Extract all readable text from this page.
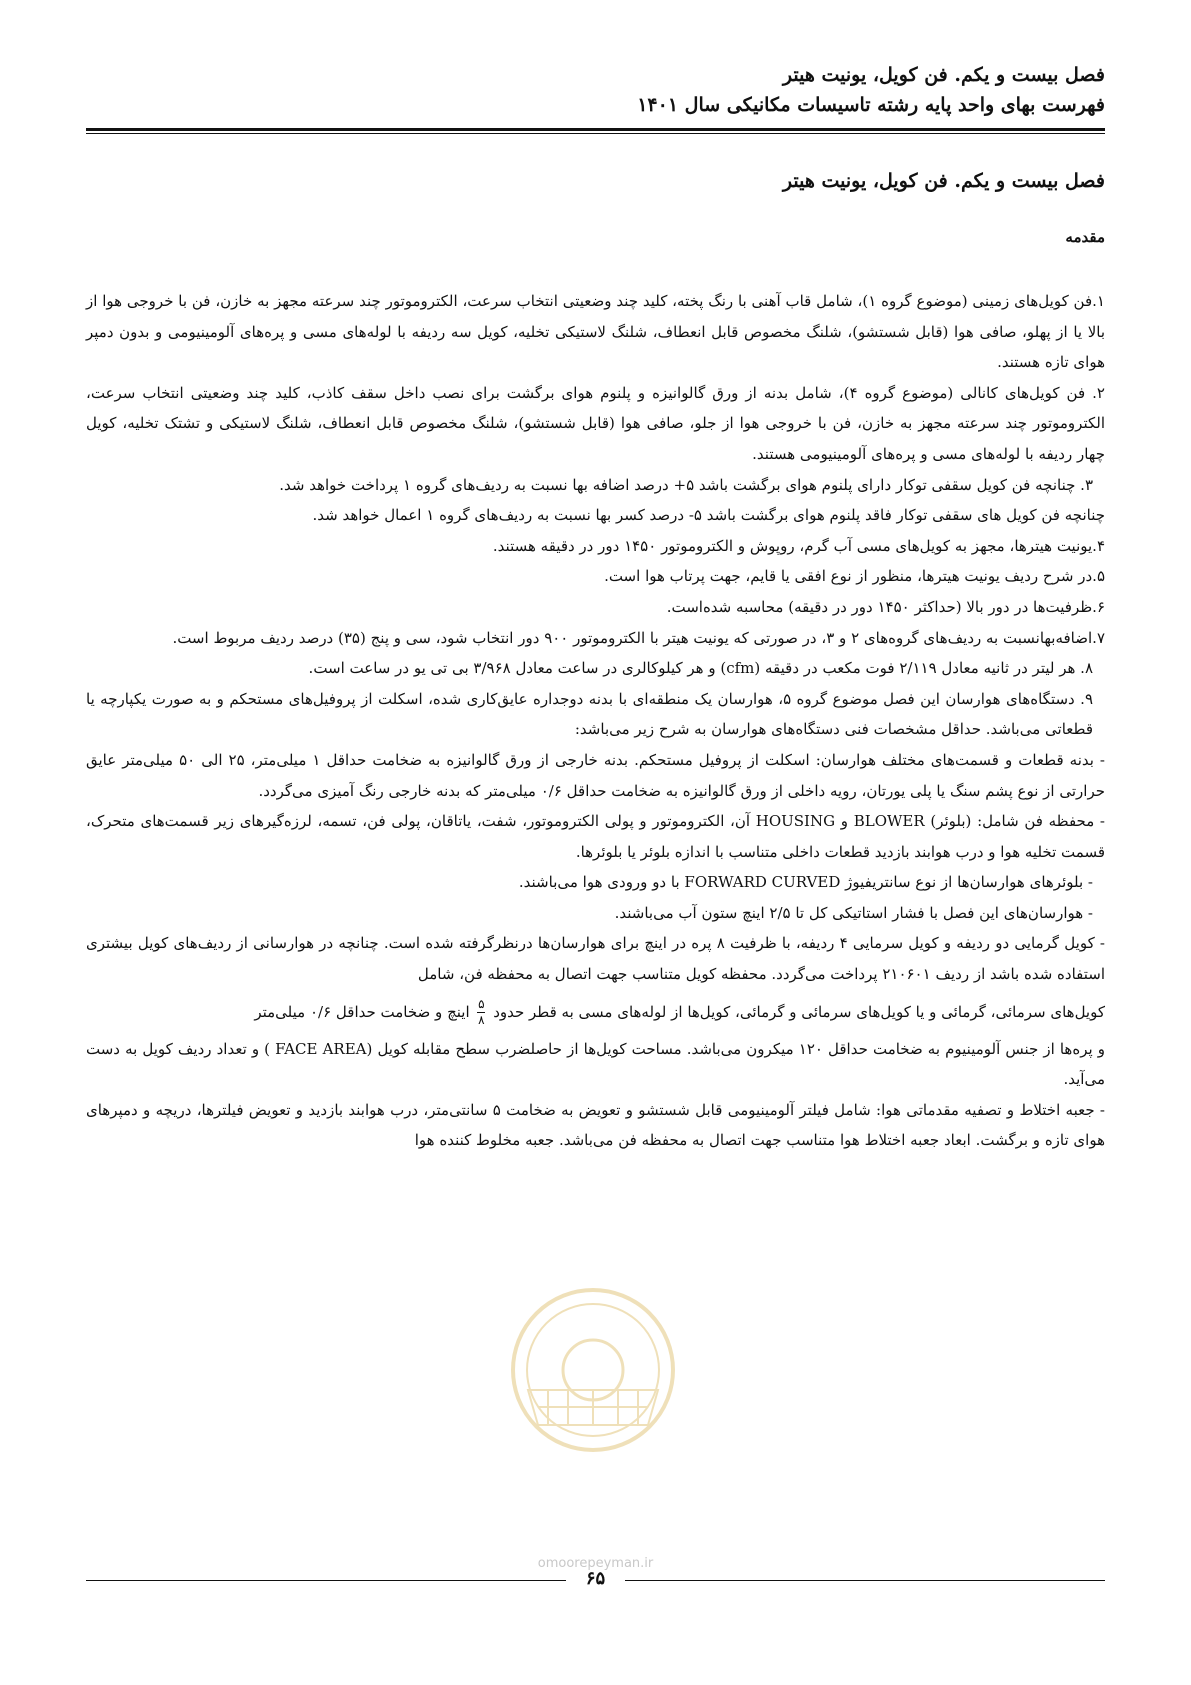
فصل بیست و یکم. فن کویل، یونیت هیتر
فهرست بهای واحد پایه رشته تاسیسات مکانیکی سال ۱۴۰۱
فصل بیست و یکم. فن کویل، یونیت هیتر
مقدمه

۱.فن کویل‌های زمینی (موضوع گروه ۱)، شامل قاب آهنی با رنگ پخته، کلید چند وضعیتی انتخاب سرعت، الکتروموتور چند سرعته مجهز به خازن، فن با خروجی هوا از بالا یا از پهلو، صافی هوا (قابل شستشو)، شلنگ مخصوص قابل انعطاف، شلنگ لاستیکی تخلیه، کویل سه ردیفه با لوله‌های مسی و پره‌های آلومینیومی و بدون دمپر هوای تازه هستند.

۲. فن کویل‌های کانالی (موضوع گروه ۴)، شامل بدنه از ورق گالوانیزه و پلنوم هوای برگشت برای نصب داخل سقف کاذب، کلید چند وضعیتی انتخاب سرعت، الکتروموتور چند سرعته مجهز به خازن، فن با خروجی هوا از جلو، صافی هوا (قابل شستشو)، شلنگ مخصوص قابل انعطاف، شلنگ لاستیکی و تشتک تخلیه، کویل چهار ردیفه با لوله‌های مسی و پره‌های آلومینیومی هستند.

۳. چنانچه فن کویل سقفی توکار دارای پلنوم هوای برگشت باشد ۵+ درصد اضافه بها نسبت به ردیف‌های گروه ۱ پرداخت خواهد شد.

چنانچه فن کویل های سقفی توکار فاقد پلنوم هوای برگشت باشد ۵- درصد کسر بها نسبت به ردیف‌های گروه ۱ اعمال خواهد شد.

۴.یونیت هیترها، مجهز به کویل‌های مسی آب گرم، روپوش و الکتروموتور ۱۴۵۰ دور در دقیقه هستند.

۵.در شرح ردیف یونیت هیترها، منظور از نوع افقی یا قایم، جهت پرتاب هوا است.

۶.ظرفیت‌ها در دور بالا (حداکثر ۱۴۵۰ دور در دقیقه) محاسبه شده‌است.

۷.اضافه‌بهانسبت به ردیف‌های گروه‌های ۲ و ۳، در صورتی که یونیت هیتر با الکتروموتور ۹۰۰ دور انتخاب شود، سی و پنج (۳۵) درصد ردیف مربوط است.

۸. هر لیتر در ثانیه معادل ۲/۱۱۹ فوت مکعب در دقیقه (cfm) و هر کیلوکالری در ساعت معادل ۳/۹۶۸ بی تی یو در ساعت است.

۹. دستگاه‌های هوارسان این فصل موضوع گروه ۵، هوارسان یک منطقه‌ای با بدنه دوجداره عایق‌کاری شده، اسکلت از پروفیل‌های مستحکم و به صورت یکپارچه یا قطعاتی می‌باشد. حداقل مشخصات فنی دستگاه‌های هوارسان به شرح زیر می‌باشد:

- بدنه قطعات و قسمت‌های مختلف هوارسان: اسکلت از پروفیل مستحکم. بدنه خارجی از ورق گالوانیزه به ضخامت حداقل ۱ میلی‌متر، ۲۵ الی ۵۰ میلی‌متر عایق حرارتی از نوع پشم سنگ یا پلی یورتان، رویه داخلی از ورق گالوانیزه به ضخامت حداقل ۰/۶ میلی‌متر که بدنه خارجی رنگ آمیزی می‌گردد.

- محفظه فن شامل: (بلوئر) BLOWER و HOUSING آن، الکتروموتور و پولی الکتروموتور، شفت، یاتاقان، پولی فن، تسمه، لرزه‌گیرهای زیر قسمت‌های متحرک، قسمت تخلیه هوا و درب هوابند بازدید قطعات داخلی متناسب با اندازه بلوئر یا بلوئرها.

- بلوئرهای هوارسان‌ها از نوع سانتریفیوژ FORWARD CURVED با دو ورودی هوا می‌باشند.

- هوارسان‌های این فصل با فشار استاتیکی کل تا ۲/۵ اینچ ستون آب می‌باشند.

- کویل گرمایی دو ردیفه و کویل سرمایی ۴ ردیفه، با ظرفیت ۸ پره در اینچ برای هوارسان‌ها درنظرگرفته شده است. چنانچه در هوارسانی از ردیف‌های کویل بیشتری استفاده شده باشد از ردیف ۲۱۰۶۰۱ پرداخت می‌گردد. محفظه کویل متناسب جهت اتصال به محفظه فن، شامل

کویل‌های سرمائی، گرمائی و یا کویل‌های سرمائی و گرمائی، کویل‌ها از لوله‌های مسی به قطر حدود
$\frac{۵}{۸}$
اینچ و ضخامت حداقل ۰/۶ میلی‌متر

و پره‌ها از جنس آلومینیوم به ضخامت حداقل ۱۲۰ میکرون می‌باشد. مساحت کویل‌ها از حاصلضرب سطح مقابله کویل (FACE AREA ) و تعداد ردیف کویل به دست می‌آید.

- جعبه اختلاط و تصفیه مقدماتی هوا: شامل فیلتر آلومینیومی قابل شستشو و تعویض به ضخامت ۵ سانتی‌متر، درب هوابند بازدید و تعویض فیلترها، دریچه و دمپرهای هوای تازه و برگشت. ابعاد جعبه اختلاط هوا متناسب جهت اتصال به محفظه فن می‌باشد. جعبه مخلوط کننده هوا

omoorepeyman.ir
۶۵
